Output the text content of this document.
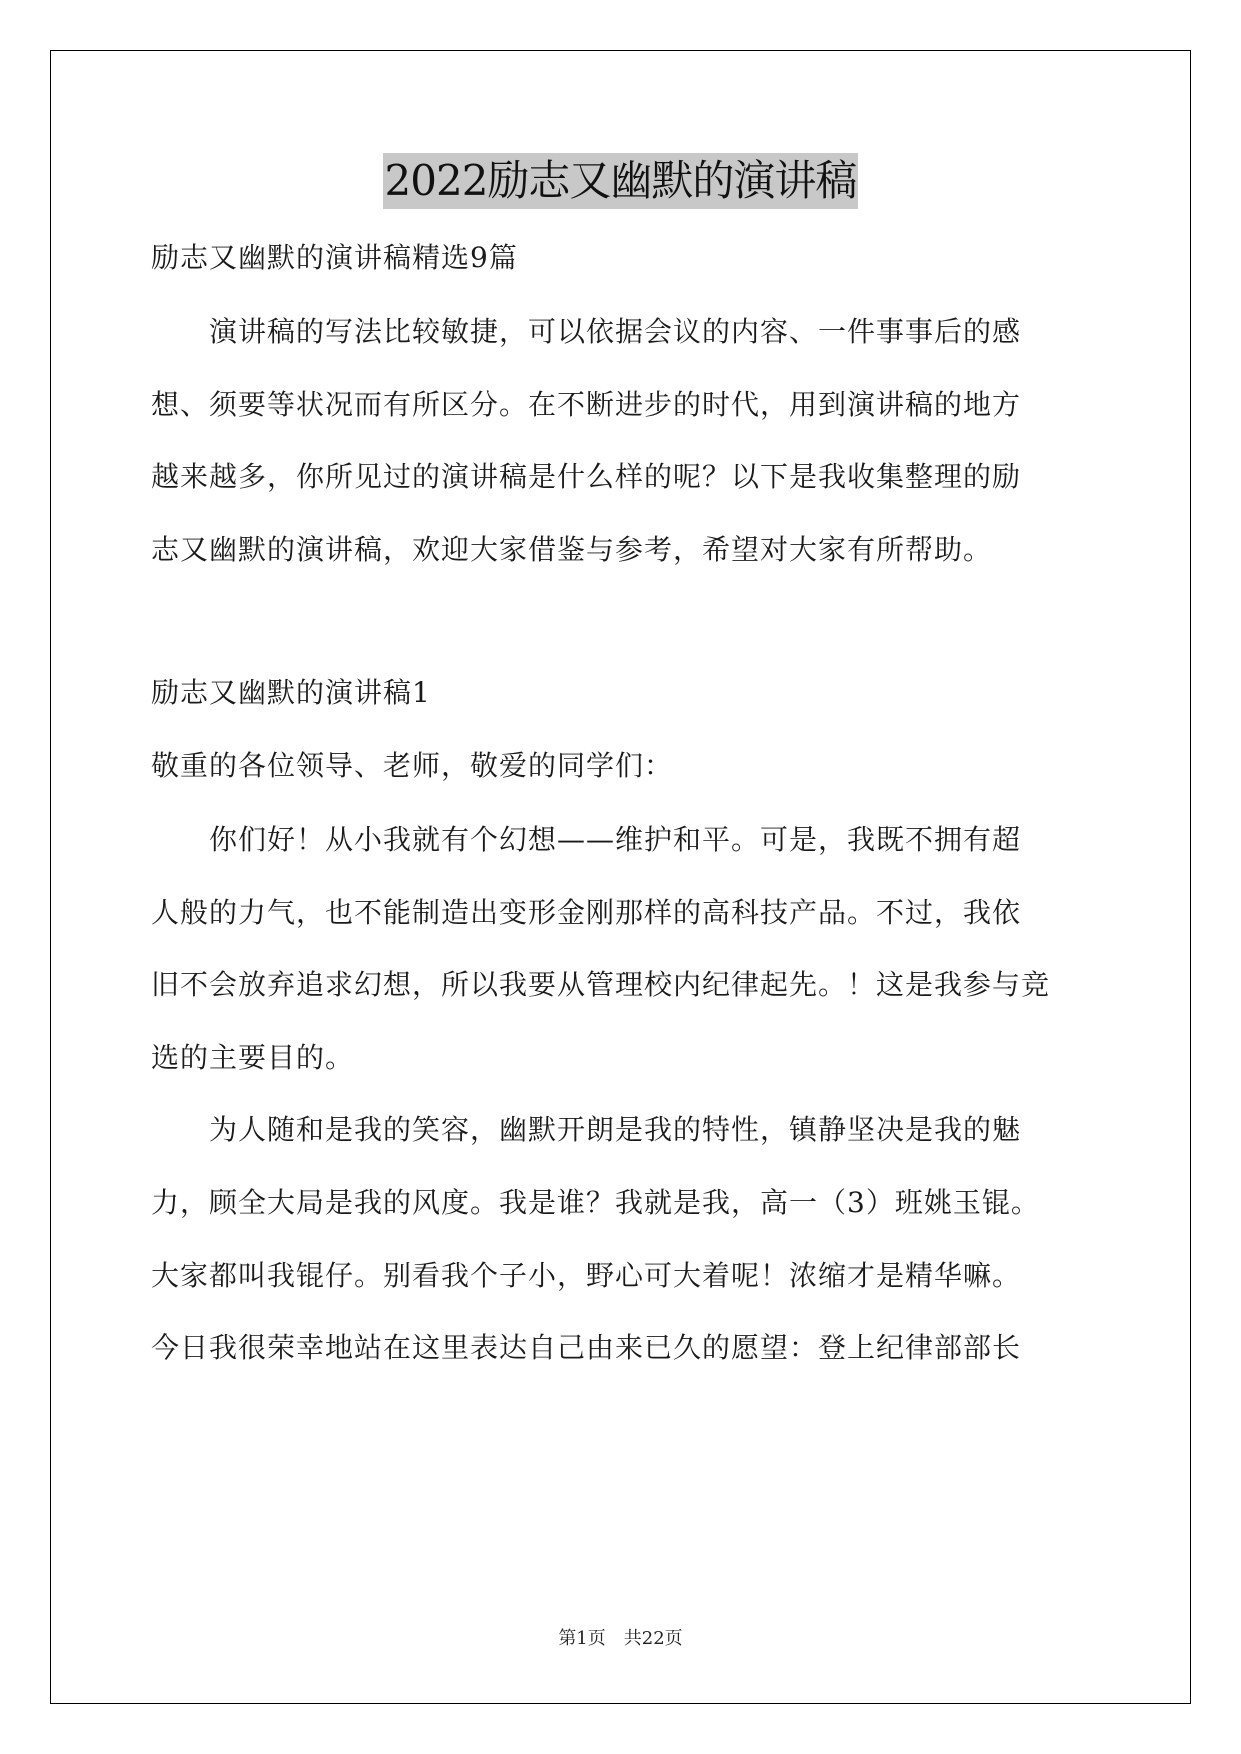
2022励志又幽默的演讲稿
励志又幽默的演讲稿精选9篇
　　演讲稿的写法比较敏捷，可以依据会议的内容、一件事事后的感
想、须要等状况而有所区分。在不断进步的时代，用到演讲稿的地方
越来越多，你所见过的演讲稿是什么样的呢？以下是我收集整理的励
志又幽默的演讲稿，欢迎大家借鉴与参考，希望对大家有所帮助。
励志又幽默的演讲稿1
敬重的各位领导、老师，敬爱的同学们：
　　你们好！从小我就有个幻想——维护和平。可是，我既不拥有超
人般的力气，也不能制造出变形金刚那样的高科技产品。不过，我依
旧不会放弃追求幻想，所以我要从管理校内纪律起先。！这是我参与竞
选的主要目的。
　　为人随和是我的笑容，幽默开朗是我的特性，镇静坚决是我的魅
力，顾全大局是我的风度。我是谁？我就是我，高一（3）班姚玉锟。
大家都叫我锟仔。别看我个子小，野心可大着呢！浓缩才是精华嘛。
今日我很荣幸地站在这里表达自己由来已久的愿望：登上纪律部部长
第1页　共22页
